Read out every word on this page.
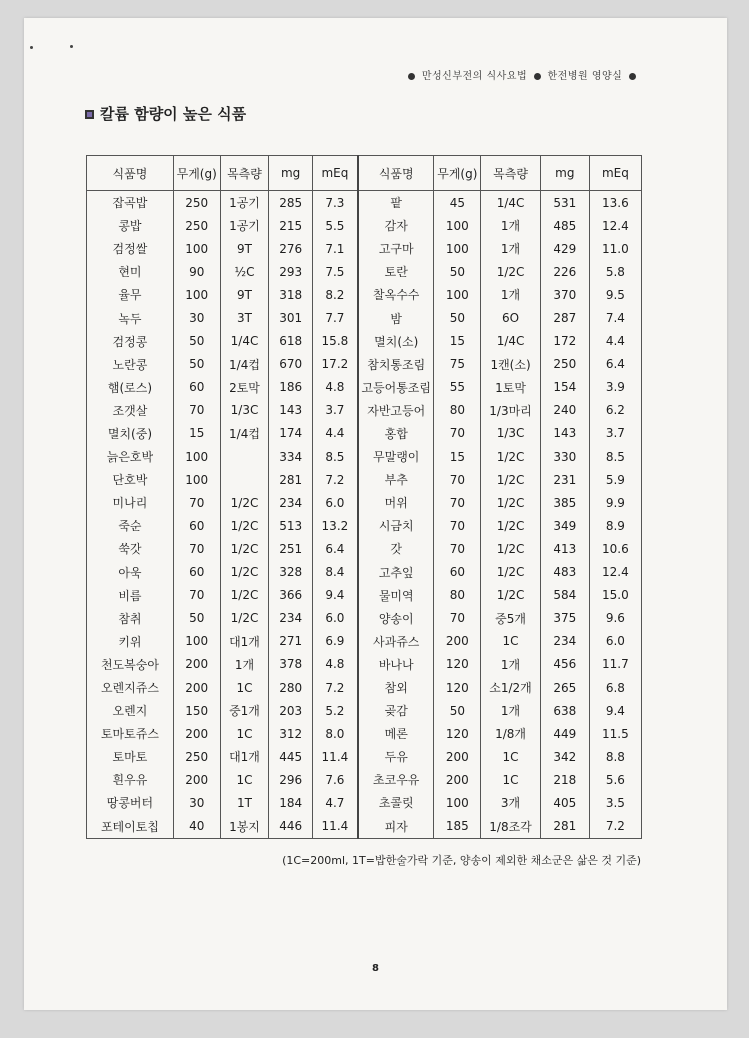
만성신부전의 식사요법 한전병원 영양실
칼륨 함량이 높은 식품
식품명	무게(g)	목측량	mg	mEq	식품명	무게(g)	목측량	mg	mEq
잡곡밥	250	1공기	285	7.3	팥	45	1/4C	531	13.6
콩밥	250	1공기	215	5.5	감자	100	1개	485	12.4
검정쌀	100	9T	276	7.1	고구마	100	1개	429	11.0
현미	90	½C	293	7.5	토란	50	1/2C	226	5.8
율무	100	9T	318	8.2	찰옥수수	100	1개	370	9.5
녹두	30	3T	301	7.7	밤	50	6O	287	7.4
검정콩	50	1/4C	618	15.8	멸치(소)	15	1/4C	172	4.4
노란콩	50	1/4컵	670	17.2	참치통조림	75	1캔(소)	250	6.4
햄(로스)	60	2토막	186	4.8	고등어통조림	55	1토막	154	3.9
조갯살	70	1/3C	143	3.7	자반고등어	80	1/3마리	240	6.2
멸치(중)	15	1/4컵	174	4.4	홍합	70	1/3C	143	3.7
늙은호박	100		334	8.5	무말랭이	15	1/2C	330	8.5
단호박	100		281	7.2	부추	70	1/2C	231	5.9
미나리	70	1/2C	234	6.0	머위	70	1/2C	385	9.9
죽순	60	1/2C	513	13.2	시금치	70	1/2C	349	8.9
쑥갓	70	1/2C	251	6.4	갓	70	1/2C	413	10.6
아욱	60	1/2C	328	8.4	고추잎	60	1/2C	483	12.4
비름	70	1/2C	366	9.4	물미역	80	1/2C	584	15.0
참취	50	1/2C	234	6.0	양송이	70	중5개	375	9.6
키위	100	대1개	271	6.9	사과쥬스	200	1C	234	6.0
천도복숭아	200	1개	378	4.8	바나나	120	1개	456	11.7
오렌지쥬스	200	1C	280	7.2	참외	120	소1/2개	265	6.8
오렌지	150	중1개	203	5.2	곶감	50	1개	638	9.4
토마토쥬스	200	1C	312	8.0	메론	120	1/8개	449	11.5
토마토	250	대1개	445	11.4	두유	200	1C	342	8.8
흰우유	200	1C	296	7.6	초코우유	200	1C	218	5.6
땅콩버터	30	1T	184	4.7	초콜릿	100	3개	405	3.5
포테이토칩	40	1봉지	446	11.4	피자	185	1/8조각	281	7.2
(1C=200ml, 1T=밥한술가락 기준, 양송이 제외한 채소군은 삶은 것 기준)
8
